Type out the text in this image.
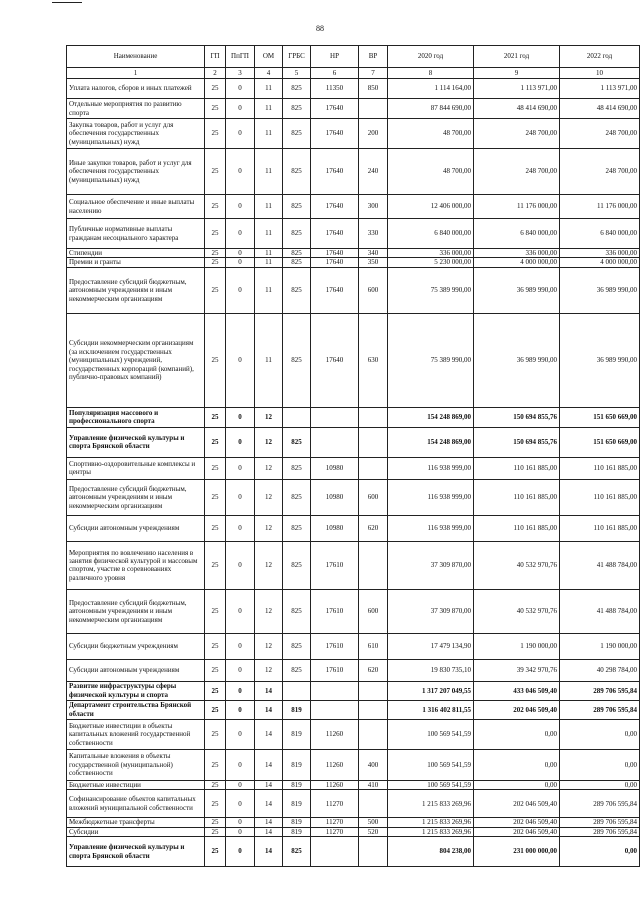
88
Наименование	ГП	ПпГП	ОМ	ГРБС	НР	ВР	2020 год	2021 год	2022 год
1	2	3	4	5	6	7	8	9	10
Уплата налогов, сборов и иных платежей	25	0	11	825	11350	850	1 114 164,00	1 113 971,00	1 113 971,00
Отдельные мероприятия по развитию спорта	25	0	11	825	17640		87 844 690,00	48 414 690,00	48 414 690,00
Закупка товаров, работ и услуг для обеспечения государственных (муниципальных) нужд	25	0	11	825	17640	200	48 700,00	248 700,00	248 700,00
Иные закупки товаров, работ и услуг для обеспечения государственных (муниципальных) нужд	25	0	11	825	17640	240	48 700,00	248 700,00	248 700,00
Социальное обеспечение и иные выплаты населению	25	0	11	825	17640	300	12 406 000,00	11 176 000,00	11 176 000,00
Публичные нормативные выплаты гражданам несоциального характера	25	0	11	825	17640	330	6 840 000,00	6 840 000,00	6 840 000,00
Стипендии	25	0	11	825	17640	340	336 000,00	336 000,00	336 000,00
Премии и гранты	25	0	11	825	17640	350	5 230 000,00	4 000 000,00	4 000 000,00
Предоставление субсидий бюджетным, автономным учреждениям и иным некоммерческим организациям	25	0	11	825	17640	600	75 389 990,00	36 989 990,00	36 989 990,00
Субсидии некоммерческим организациям (за исключением государственных (муниципальных) учреждений, государственных корпораций (компаний), публично-правовых компаний)	25	0	11	825	17640	630	75 389 990,00	36 989 990,00	36 989 990,00
Популяризация массового и профессионального спорта	25	0	12				154 248 869,00	150 694 855,76	151 650 669,00
Управление физической культуры и спорта Брянской области	25	0	12	825			154 248 869,00	150 694 855,76	151 650 669,00
Спортивно-оздоровительные комплексы и центры	25	0	12	825	10980		116 938 999,00	110 161 885,00	110 161 885,00
Предоставление субсидий бюджетным, автономным учреждениям и иным некоммерческим организациям	25	0	12	825	10980	600	116 938 999,00	110 161 885,00	110 161 885,00
Субсидии автономным учреждениям	25	0	12	825	10980	620	116 938 999,00	110 161 885,00	110 161 885,00
Мероприятия по вовлечению населения в занятия физической культурой и массовым спортом, участие в соревнованиях различного уровня	25	0	12	825	17610		37 309 870,00	40 532 970,76	41 488 784,00
Предоставление субсидий бюджетным, автономным учреждениям и иным некоммерческим организациям	25	0	12	825	17610	600	37 309 870,00	40 532 970,76	41 488 784,00
Субсидии бюджетным учреждениям	25	0	12	825	17610	610	17 479 134,90	1 190 000,00	1 190 000,00
Субсидии автономным учреждениям	25	0	12	825	17610	620	19 830 735,10	39 342 970,76	40 298 784,00
Развитие инфраструктуры сферы физической культуры и спорта	25	0	14				1 317 207 049,55	433 046 509,40	289 706 595,84
Департамент строительства Брянской области	25	0	14	819			1 316 402 811,55	202 046 509,40	289 706 595,84
Бюджетные инвестиции в объекты капитальных вложений государственной собственности	25	0	14	819	11260		100 569 541,59	0,00	0,00
Капитальные вложения в объекты государственной (муниципальной) собственности	25	0	14	819	11260	400	100 569 541,59	0,00	0,00
Бюджетные инвестиции	25	0	14	819	11260	410	100 569 541,59	0,00	0,00
Софинансирование объектов капитальных вложений муниципальной собственности	25	0	14	819	11270		1 215 833 269,96	202 046 509,40	289 706 595,84
Межбюджетные трансферты	25	0	14	819	11270	500	1 215 833 269,96	202 046 509,40	289 706 595,84
Субсидии	25	0	14	819	11270	520	1 215 833 269,96	202 046 509,40	289 706 595,84
Управление физической культуры и спорта Брянской области	25	0	14	825			804 238,00	231 000 000,00	0,00
